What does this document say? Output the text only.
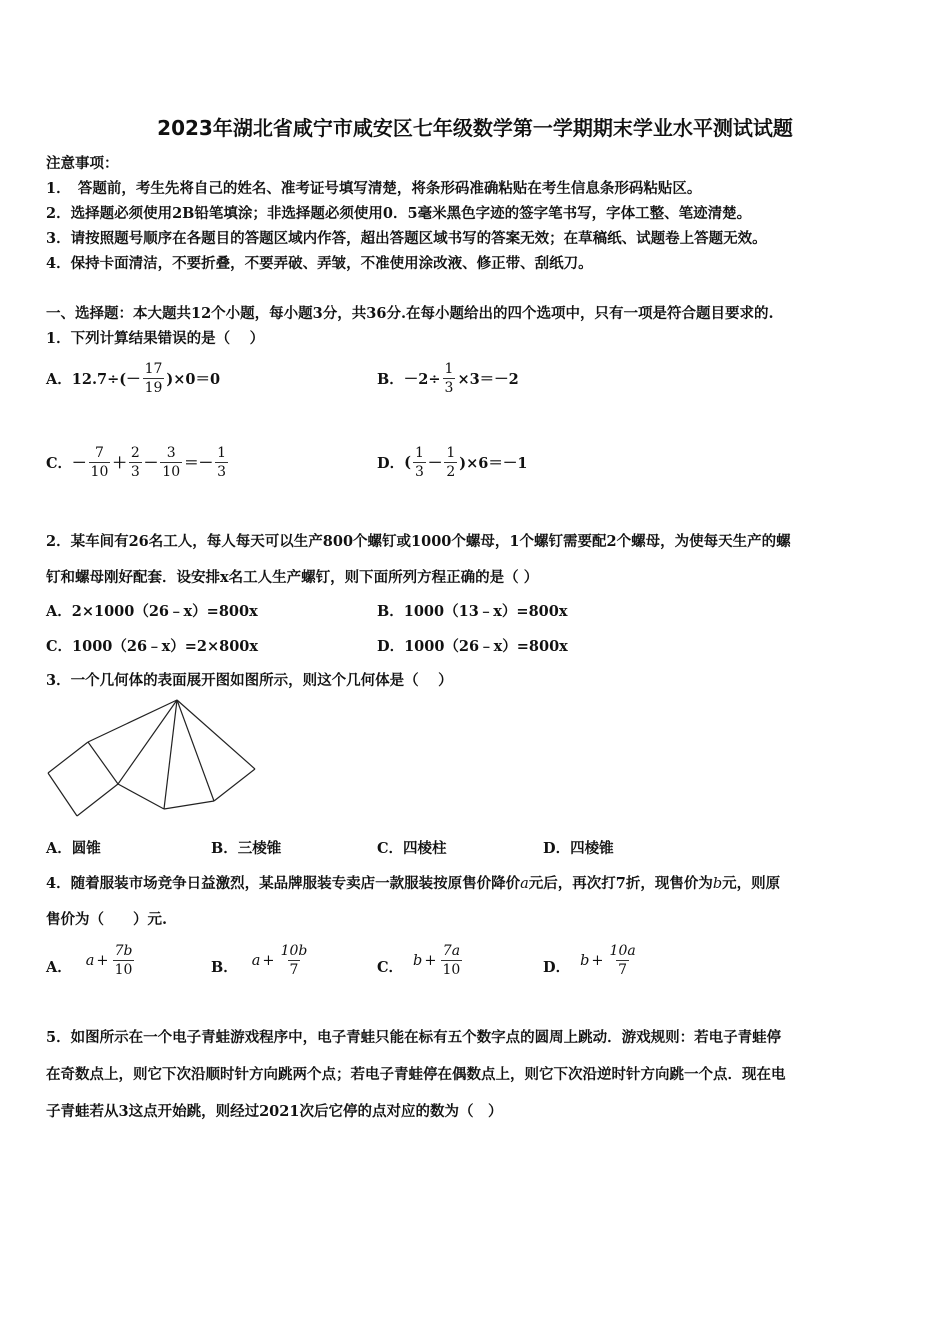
2023年湖北省咸宁市咸安区七年级数学第一学期期末学业水平测试试题
注意事项：
1．　答题前，考生先将自己的姓名、准考证号填写清楚，将条形码准确粘贴在考生信息条形码粘贴区。
2．选择题必须使用2B铅笔填涂；非选择题必须使用0．5毫米黑色字迹的签字笔书写，字体工整、笔迹清楚。
3．请按照题号顺序在各题目的答题区域内作答，超出答题区域书写的答案无效；在草稿纸、试题卷上答题无效。
4．保持卡面清洁，不要折叠，不要弄破、弄皱，不准使用涂改液、修正带、刮纸刀。
一、选择题：本大题共12个小题，每小题3分，共36分.在每小题给出的四个选项中，只有一项是符合题目要求的.
1．下列计算结果错误的是（　 ）
A． $12.7\div(- \frac{17}{19} )\times 0=0$	B． $-2\div \frac{1}{3} \times 3=-2$
C． － $\frac{7}{10} + \frac{2}{3} - \frac{3}{10} =- \frac{1}{3}$	D． ( $\frac{1}{3} - \frac{1}{2} )\times 6=-1$
2．某车间有26名工人，每人每天可以生产800个螺钉或1000个螺母，1个螺钉需要配2个螺母，为使每天生产的螺
钉和螺母刚好配套．设安排x名工人生产螺钉，则下面所列方程正确的是（ ）
A．2×1000（26﹣x）=800x	B．1000（13﹣x）=800x
C．1000（26﹣x）=2×800x	D．1000（26﹣x）=800x
3．一个几何体的表面展开图如图所示，则这个几何体是（　 ）
A．圆锥	B．三棱锥	C．四棱柱	D．四棱锥
4．随着服装市场竞争日益激烈，某品牌服装专卖店一款服装按原售价降价a元后，再次打7折，现售价为b元，则原
售价为（　　）元.
A． $a + \frac{7b}{10}$	B． $a + \frac{10b}{7}$	C． $b + \frac{7a}{10}$	D． $b + \frac{10a}{7}$
5．如图所示在一个电子青蛙游戏程序中，电子青蛙只能在标有五个数字点的圆周上跳动．游戏规则：若电子青蛙停
在奇数点上，则它下次沿顺时针方向跳两个点；若电子青蛙停在偶数点上，则它下次沿逆时针方向跳一个点．现在电
子青蛙若从3这点开始跳，则经过2021次后它停的点对应的数为（　）
